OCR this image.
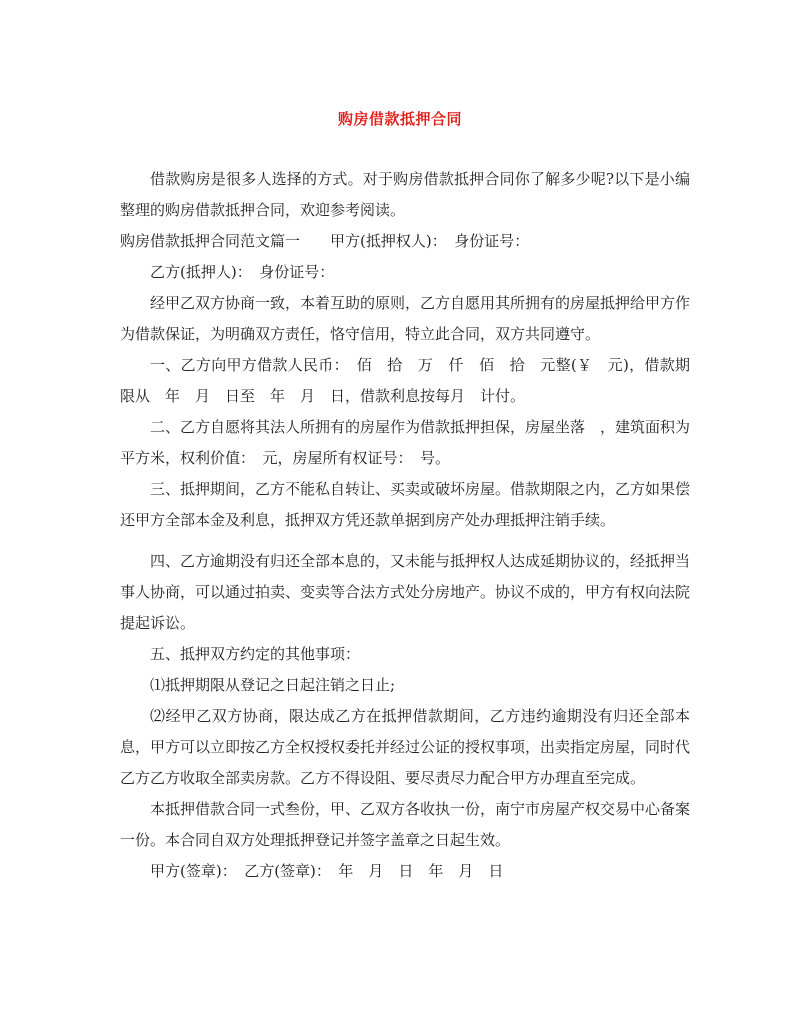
购房借款抵押合同

借款购房是很多人选择的方式。对于购房借款抵押合同你了解多少呢?以下是小编整理的购房借款抵押合同，欢迎参考阅读。

购房借款抵押合同范文篇一　　甲方(抵押权人)：　身份证号：

乙方(抵押人)：　身份证号：

经甲乙双方协商一致，本着互助的原则，乙方自愿用其所拥有的房屋抵押给甲方作为借款保证，为明确双方责任，恪守信用，特立此合同，双方共同遵守。

一、乙方向甲方借款人民币：　佰　拾　万　仟　佰　拾　元整(￥　元)，借款期限从　年　月　日至　年　月　日，借款利息按每月　计付。

二、乙方自愿将其法人所拥有的房屋作为借款抵押担保，房屋坐落　，建筑面积为　平方米，权利价值：　元，房屋所有权证号：　号。

三、抵押期间，乙方不能私自转让、买卖或破坏房屋。借款期限之内，乙方如果偿还甲方全部本金及利息，抵押双方凭还款单据到房产处办理抵押注销手续。

四、乙方逾期没有归还全部本息的，又未能与抵押权人达成延期协议的，经抵押当事人协商，可以通过拍卖、变卖等合法方式处分房地产。协议不成的，甲方有权向法院提起诉讼。

五、抵押双方约定的其他事项：

⑴抵押期限从登记之日起注销之日止;

⑵经甲乙双方协商，限达成乙方在抵押借款期间，乙方违约逾期没有归还全部本息，甲方可以立即按乙方全权授权委托并经过公证的授权事项，出卖指定房屋，同时代乙方乙方收取全部卖房款。乙方不得设阻、要尽责尽力配合甲方办理直至完成。

本抵押借款合同一式叁份，甲、乙双方各收执一份，南宁市房屋产权交易中心备案一份。本合同自双方处理抵押登记并签字盖章之日起生效。

甲方(签章)：　乙方(签章)：　年　月　日　年　月　日
